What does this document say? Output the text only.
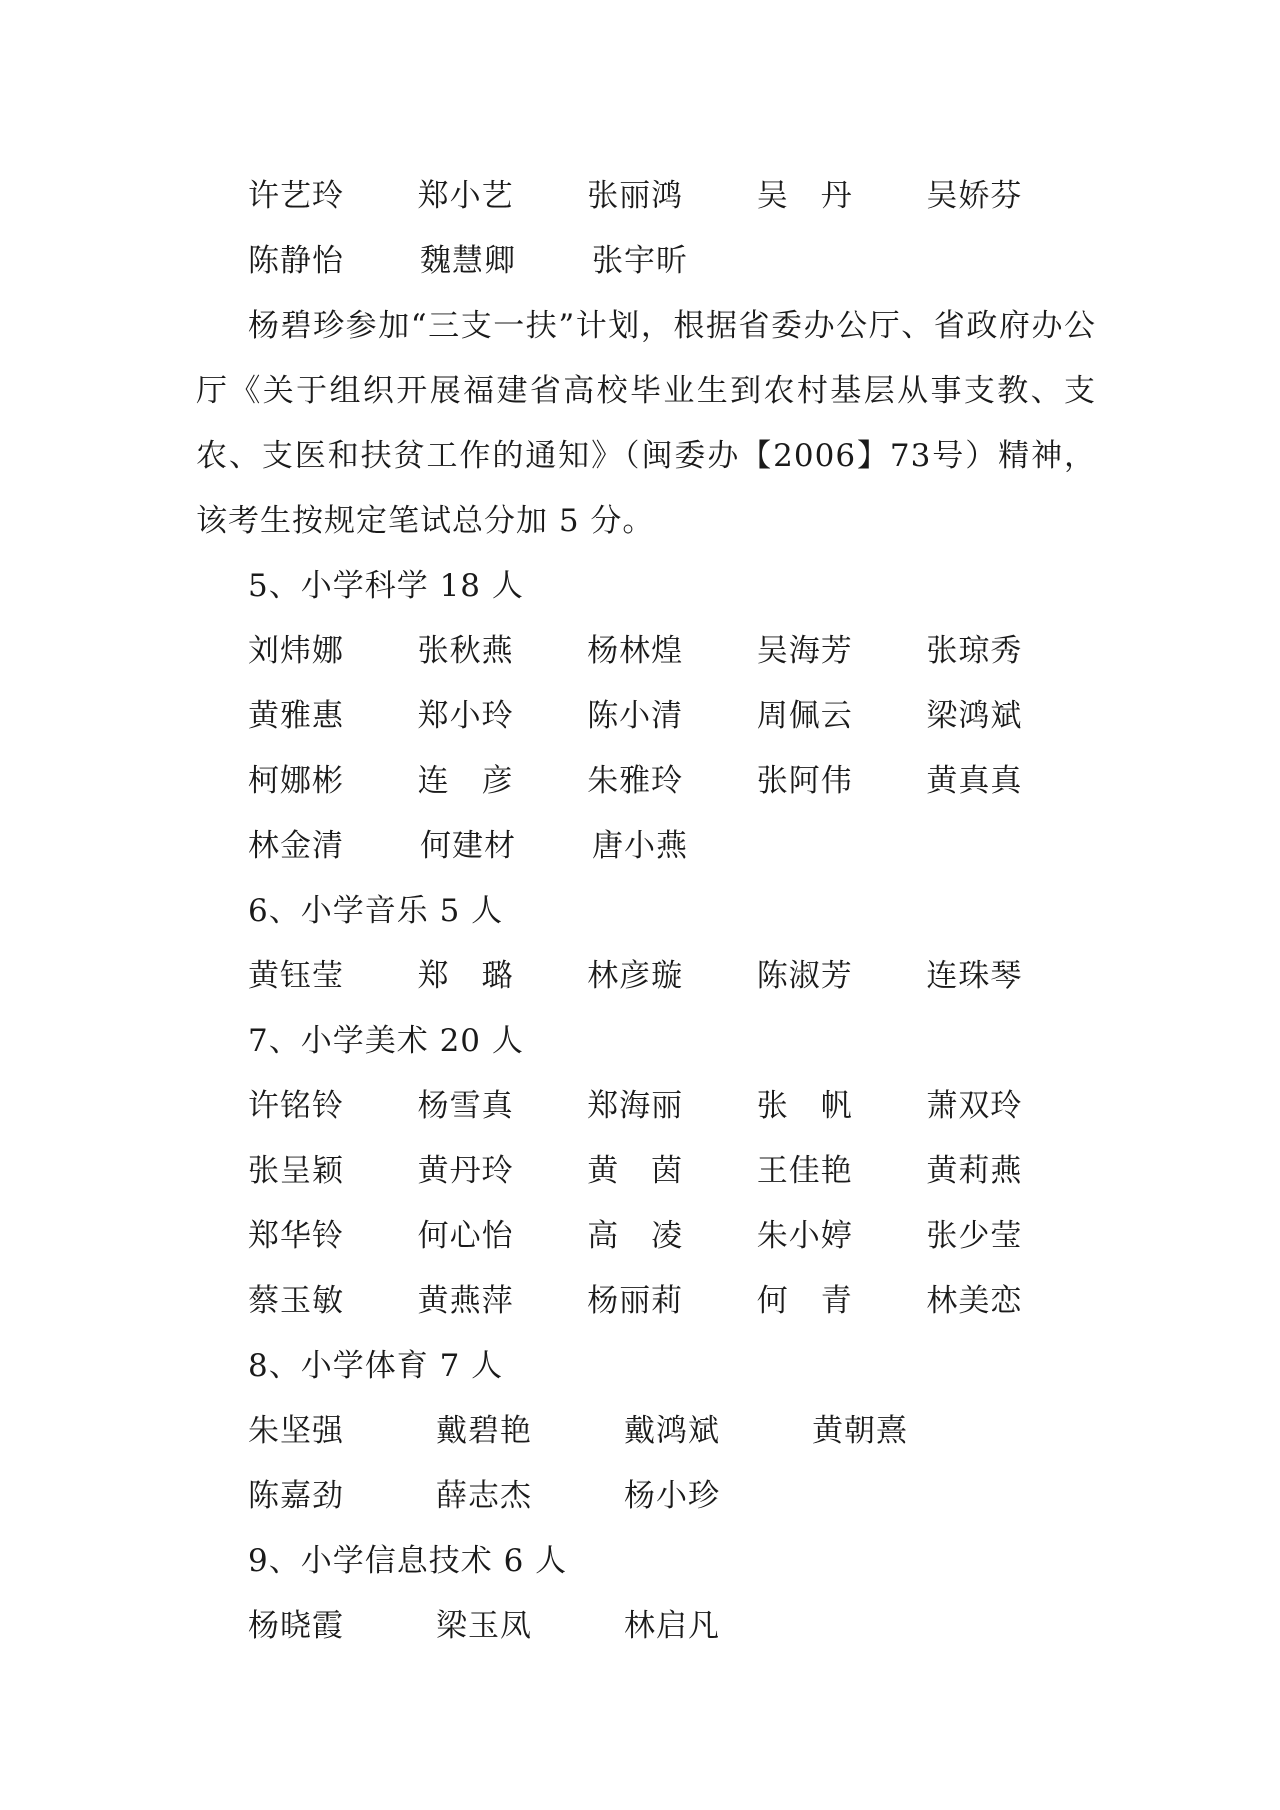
许艺玲	郑小艺	张丽鸿	吴　丹	吴娇芬
陈静怡	魏慧卿	张宇昕
杨碧珍参加“三支一扶”计划，根据省委办公厅、省政府办公厅《关于组织开展福建省高校毕业生到农村基层从事支教、支农、支医和扶贫工作的通知》（闽委办【2006】73号）精神，该考生按规定笔试总分加 5 分。
5、小学科学 18 人
刘炜娜	张秋燕	杨林煌	吴海芳	张琼秀
黄雅惠	郑小玲	陈小清	周佩云	梁鸿斌
柯娜彬	连　彦	朱雅玲	张阿伟	黄真真
林金清	何建材	唐小燕
6、小学音乐 5 人
黄钰莹	郑　璐	林彦璇	陈淑芳	连珠琴
7、小学美术 20 人
许铭铃	杨雪真	郑海丽	张　帆	萧双玲
张呈颖	黄丹玲	黄　茵	王佳艳	黄莉燕
郑华铃	何心怡	高　凌	朱小婷	张少莹
蔡玉敏	黄燕萍	杨丽莉	何　青	林美恋
8、小学体育 7 人
朱坚强	戴碧艳	戴鸿斌	黄朝熹
陈嘉劲	薛志杰	杨小珍
9、小学信息技术 6 人
杨晓霞	梁玉凤	林启凡
